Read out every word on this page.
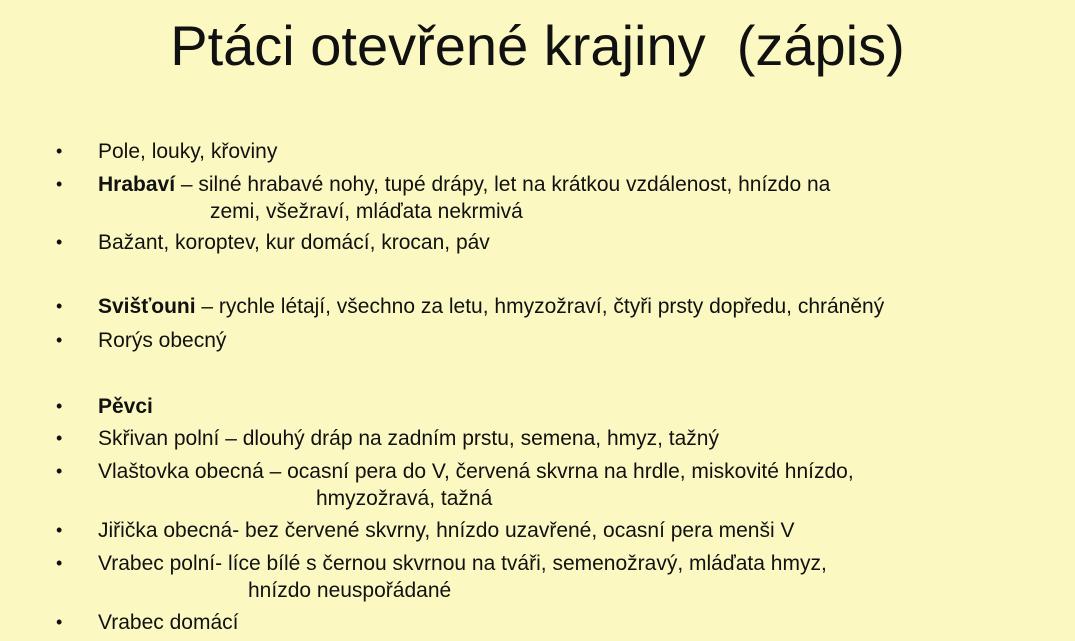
Ptáci otevřené krajiny  (zápis)
• Pole, louky, křoviny
• Hrabaví – silné hrabavé nohy, tupé drápy, let na krátkou vzdálenost, hnízdo na
zemi, všežraví, mláďata nekrmivá
• Bažant, koroptev, kur domácí, krocan, páv
• Svišťouni – rychle létají, všechno za letu, hmyzožraví, čtyři prsty dopředu, chráněný
• Rorýs obecný
• Pěvci
• Skřivan polní – dlouhý dráp na zadním prstu, semena, hmyz, tažný
• Vlaštovka obecná – ocasní pera do V, červená skvrna na hrdle, miskovité hnízdo,
hmyzožravá, tažná
• Jiřička obecná- bez červené skvrny, hnízdo uzavřené, ocasní pera menši V
• Vrabec polní- líce bílé s černou skvrnou na tváři, semenožravý, mláďata hmyz,
hnízdo neuspořádané
• Vrabec domácí
